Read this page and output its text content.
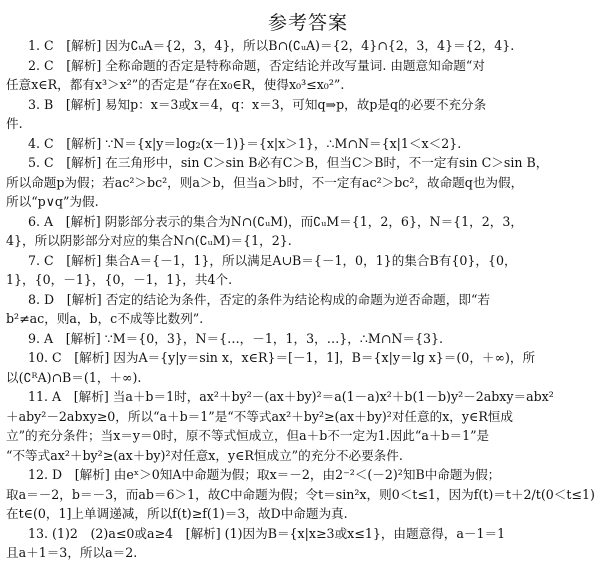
参考答案
1. C　[解析] 因为∁ᵤA＝{2，3，4}，所以B∩(∁ᵤA)＝{2，4}∩{2，3，4}＝{2，4}.
2. C　[解析] 全称命题的否定是特称命题，否定结论并改写量词. 由题意知命题“对
任意x∈R，都有x³＞x²”的否定是“存在x₀∈R，使得x₀³≤x₀²”.
3. B　[解析] 易知p：x＝3或x＝4，q：x＝3，可知q⇒p，故p是q的必要不充分条
件.
4. C　[解析] ∵N＝{x|y＝log₂(x－1)}＝{x|x＞1}，∴M∩N＝{x|1＜x＜2}.
5. C　[解析] 在三角形中，sin C＞sin B必有C＞B，但当C＞B时，不一定有sin C＞sin B，
所以命题p为假；若ac²＞bc²，则a＞b，但当a＞b时，不一定有ac²＞bc²，故命题q也为假，
所以“p∨q”为假.
6. A　[解析] 阴影部分表示的集合为N∩(∁ᵤM)，而∁ᵤM＝{1，2，6}，N＝{1，2，3，
4}，所以阴影部分对应的集合N∩(∁ᵤM)＝{1，2}.
7. C　[解析] 集合A＝{－1，1}，所以满足A∪B＝{－1，0，1}的集合B有{0}，{0，
1}，{0，－1}，{0，－1，1}，共4个.
8. D　[解析] 否定的结论为条件，否定的条件为结论构成的命题为逆否命题，即“若
b²≠ac，则a，b，c不成等比数列”.
9. A　[解析] ∵M＝{0，3}，N＝{…，－1，1，3，…}，∴M∩N＝{3}.
10. C　[解析] 因为A＝{y|y＝sin x，x∈R}＝[－1，1]，B＝{x|y＝lg x}＝(0，＋∞)，所
以(∁ᴿA)∩B＝(1，＋∞).
11. A　[解析] 当a＋b＝1时，ax²＋by²－(ax＋by)²＝a(1－a)x²＋b(1－b)y²－2abxy＝abx²
＋aby²－2abxy≥0，所以“a＋b＝1”是“不等式ax²＋by²≥(ax＋by)²对任意的x，y∈R恒成
立”的充分条件；当x＝y＝0时，原不等式恒成立，但a＋b不一定为1.因此“a＋b＝1”是
“不等式ax²＋by²≥(ax＋by)²对任意x，y∈R恒成立”的充分不必要条件.
12. D　[解析] 由eˣ＞0知A中命题为假；取x＝－2，由2⁻²＜(－2)²知B中命题为假；
取a＝－2，b＝－3，而ab＝6＞1，故C中命题为假；令t＝sin²x，则0＜t≤1，因为f(t)＝t＋2/t(0＜t≤1)
在t∈(0，1]上单调递减，所以f(t)≥f(1)＝3，故D中命题为真.
13. (1)2　(2)a≤0或a≥4　[解析] (1)因为B＝{x|x≥3或x≤1}，由题意得，a－1＝1
且a＋1＝3，所以a＝2.
